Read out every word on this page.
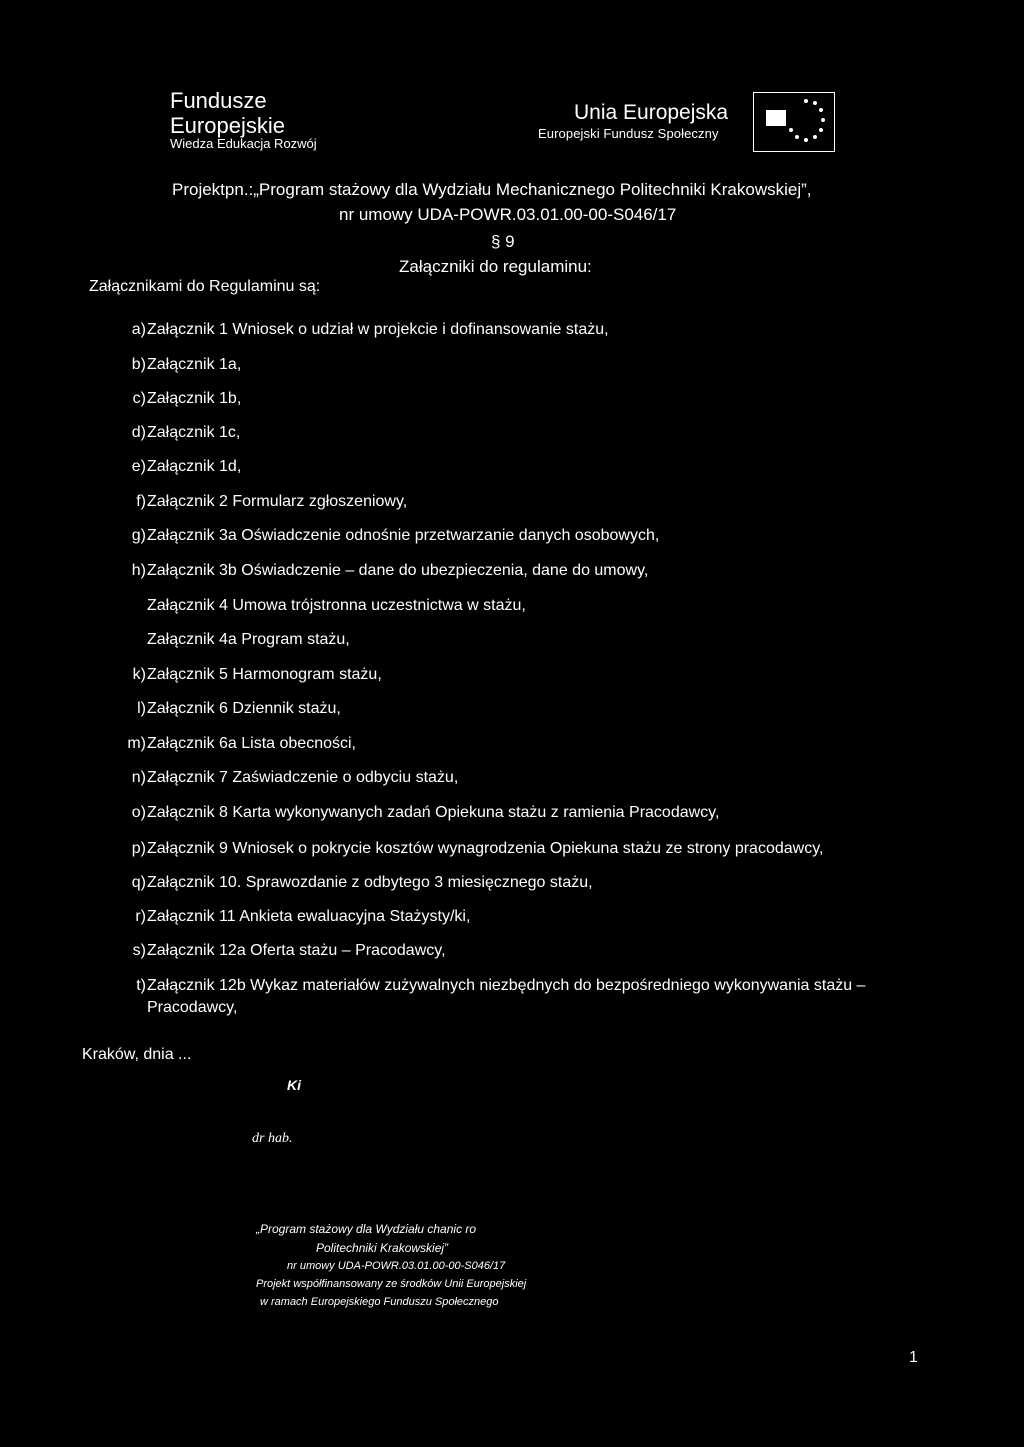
Fundusze
Europejskie
Wiedza Edukacja Rozwój
Unia Europejska
Europejski Fundusz Społeczny
Projektpn.:„Program stażowy dla Wydziału Mechanicznego Politechniki Krakowskiej”,
nr umowy UDA-POWR.03.01.00-00-S046/17
§ 9
Załączniki do regulaminu:
Załącznikami do Regulaminu są:
a) Załącznik 1 Wniosek o udział w projekcie i dofinansowanie stażu,
b) Załącznik 1a,
c) Załącznik 1b,
d) Załącznik 1c,
e) Załącznik 1d,
f) Załącznik 2 Formularz zgłoszeniowy,
g) Załącznik 3a Oświadczenie odnośnie przetwarzanie danych osobowych,
h) Załącznik 3b Oświadczenie – dane do ubezpieczenia, dane do umowy,
Załącznik 4 Umowa trójstronna uczestnictwa w stażu,
Załącznik 4a Program stażu,
k) Załącznik 5 Harmonogram stażu,
l) Załącznik 6 Dziennik stażu,
m) Załącznik 6a Lista obecności,
n) Załącznik 7 Zaświadczenie o odbyciu stażu,
o) Załącznik 8 Karta wykonywanych zadań Opiekuna stażu z ramienia Pracodawcy,
p) Załącznik 9 Wniosek o pokrycie kosztów wynagrodzenia Opiekuna stażu ze strony pracodawcy,
q) Załącznik 10. Sprawozdanie z odbytego 3 miesięcznego stażu,
r) Załącznik 11 Ankieta ewaluacyjna Stażysty/ki,
s) Załącznik 12a Oferta stażu – Pracodawcy,
t) Załącznik 12b Wykaz materiałów zużywalnych niezbędnych do bezpośredniego wykonywania stażu – Pracodawcy,
Kraków, dnia ...
Ki
dr hab.
„Program stażowy dla Wydziału chanic ro
Politechniki Krakowskiej”
nr umowy UDA-POWR.03.01.00-00-S046/17
Projekt współfinansowany ze środków Unii Europejskiej
w ramach Europejskiego Funduszu Społecznego
1
